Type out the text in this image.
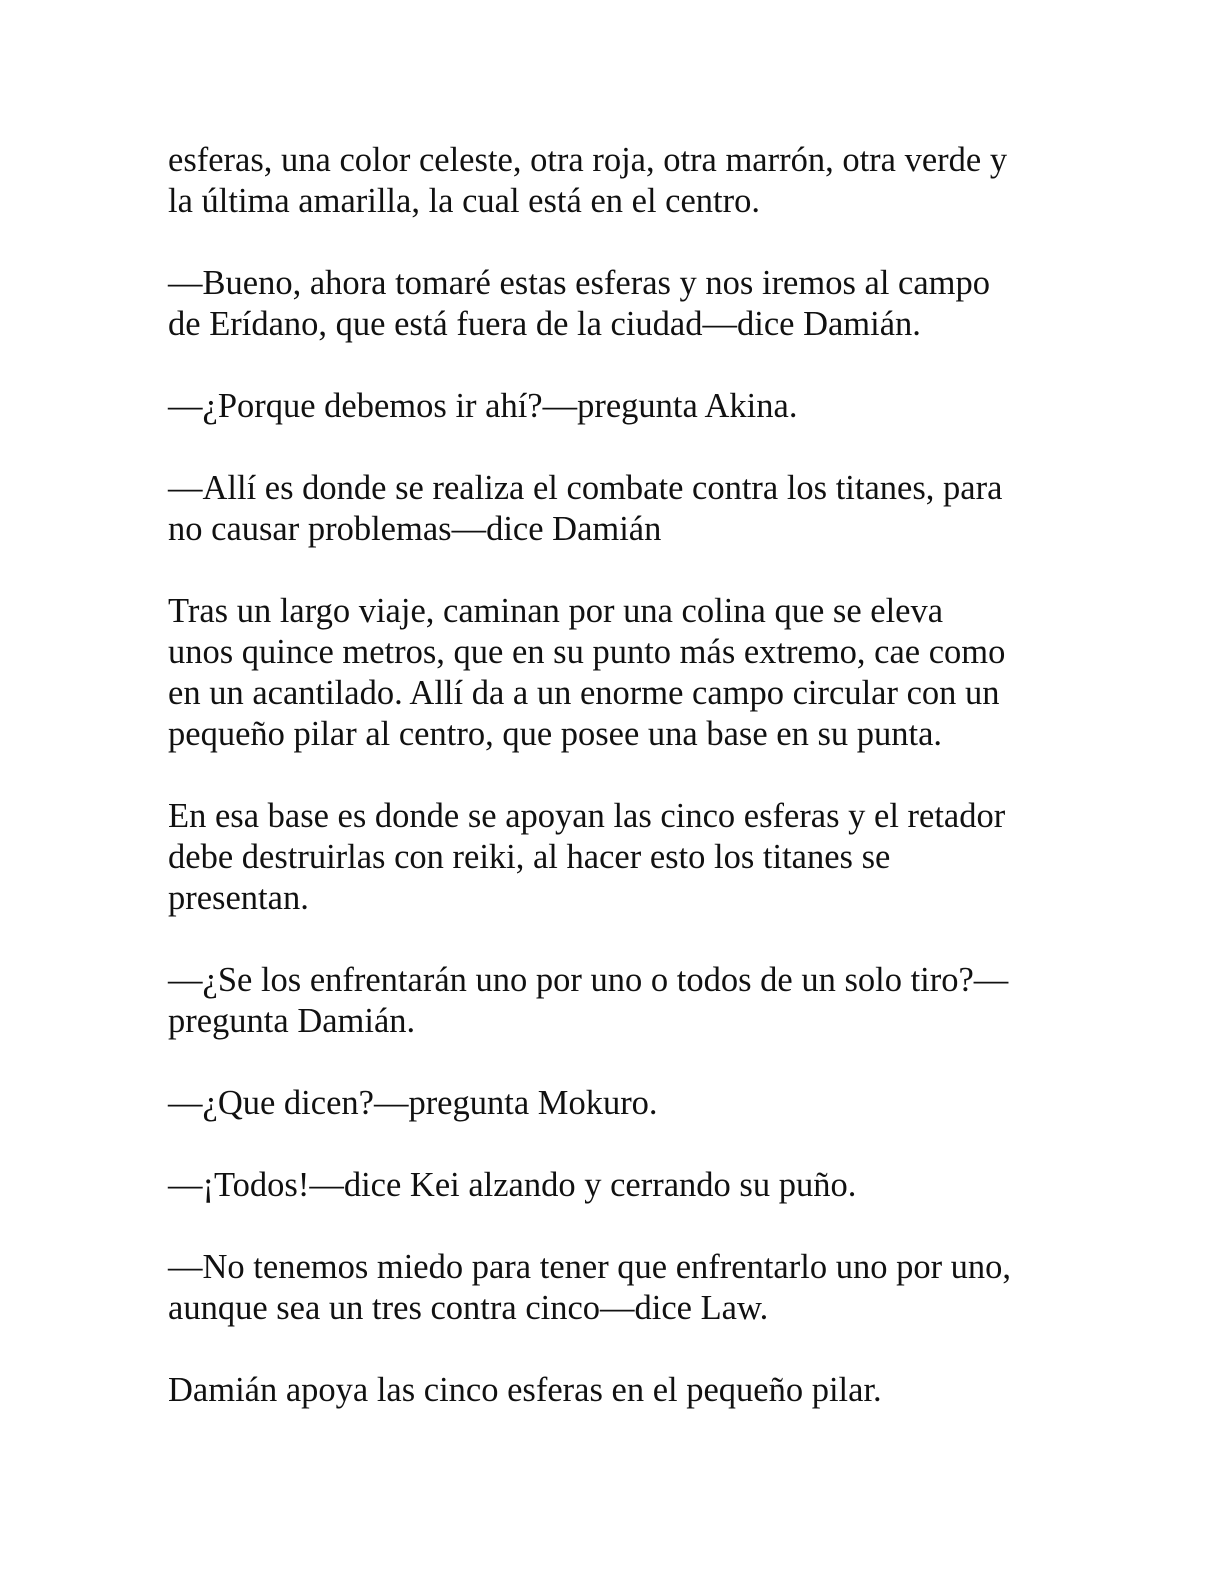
esferas, una color celeste, otra roja, otra marrón, otra verde y
la última amarilla, la cual está en el centro.

—Bueno, ahora tomaré estas esferas y nos iremos al campo
de Erídano, que está fuera de la ciudad—dice Damián.

—¿Porque debemos ir ahí?—pregunta Akina.

—Allí es donde se realiza el combate contra los titanes, para
no causar problemas—dice Damián

Tras un largo viaje, caminan por una colina que se eleva
unos quince metros, que en su punto más extremo, cae como
en un acantilado. Allí da a un enorme campo circular con un
pequeño pilar al centro, que posee una base en su punta.

En esa base es donde se apoyan las cinco esferas y el retador
debe destruirlas con reiki, al hacer esto los titanes se
presentan.

—¿Se los enfrentarán uno por uno o todos de un solo tiro?—
pregunta Damián.

—¿Que dicen?—pregunta Mokuro.

—¡Todos!—dice Kei alzando y cerrando su puño.

—No tenemos miedo para tener que enfrentarlo uno por uno,
aunque sea un tres contra cinco—dice Law.

Damián apoya las cinco esferas en el pequeño pilar.
